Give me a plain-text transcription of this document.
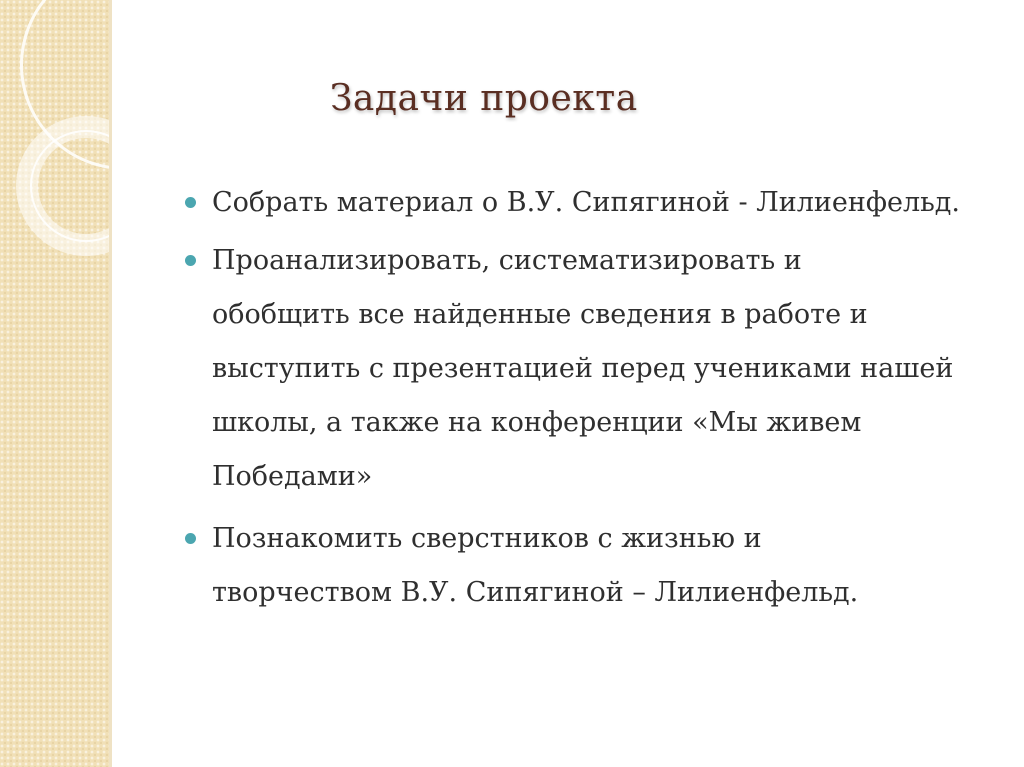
Задачи проекта
Собрать материал о В.У. Сипягиной - Лилиенфельд.
Проанализировать, систематизировать и
обобщить все найденные сведения в работе и
выступить с презентацией перед учениками нашей
школы, а также на конференции «Мы живем
Победами»
Познакомить сверстников с жизнью и
творчеством В.У. Сипягиной – Лилиенфельд.
